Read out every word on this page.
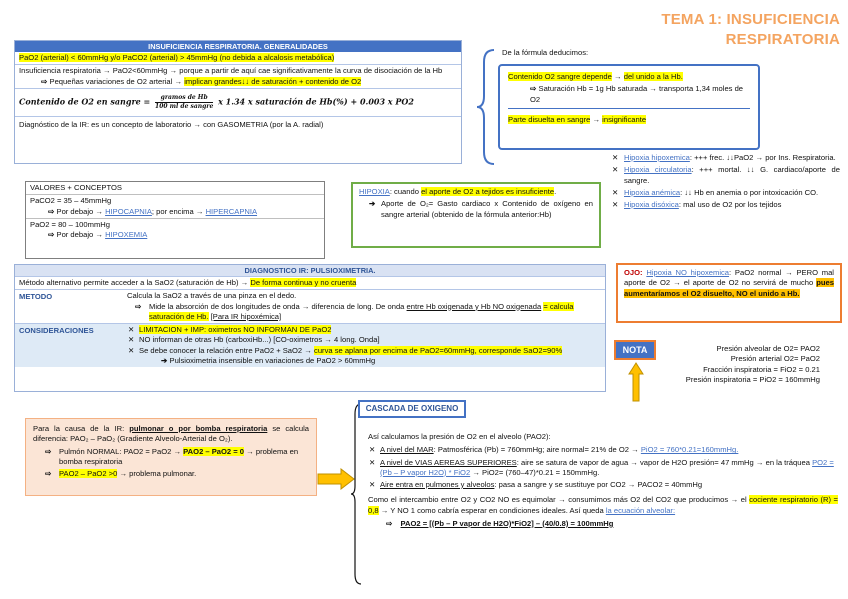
TEMA 1: INSUFICIENCIA RESPIRATORIA
INSUFICIENCIA RESPIRATORIA. GENERALIDADES
PaO2 (arterial) < 60mmHg y/o PaCO2 (arterial) > 45mmHg (no debida a alcalosis metabólica)
Insuficiencia respiratoria → PaO2<60mmHg → porque a partir de aquí cae significativamente la curva de disociación de la Hb
⇨ Pequeñas variaciones de O2 arterial → implican grandes↓↓ de saturación + contenido de O2
Contenido de O2 en sangre =	gramos de Hb
100 ml de sangre x 1.34 x saturación de Hb(%) + 0.003 x PO2
Diagnóstico de la IR: es un concepto de laboratorio → con GASOMETRIA (por la A. radial)
De la fórmula deducimos:
Contenido O2 sangre depende → del unido a la Hb.
⇨ Saturación Hb = 1g Hb saturada → transporta 1,34 moles de O2
Parte disuelta en sangre → insignificante
VALORES + CONCEPTOS
PaCO2 = 35 – 45mmHg
⇨ Por debajo → HIPOCAPNIA; por encima → HIPERCAPNIA
PaO2 = 80 – 100mmHg
⇨ Por debajo → HIPOXEMIA
HIPOXIA: cuando el aporte de O2 a tejidos es insuficiente.
➔ Aporte de O₂= Gasto cardiaco x Contenido de oxígeno en sangre arterial (obtenido de la fórmula anterior:Hb)
✕ Hipoxia hipoxemica: +++ frec. ↓↓PaO2 → por Ins. Respiratoria.
✕ Hipoxia circulatoria: +++ mortal. ↓↓ G. cardiaco/aporte de sangre.
✕ Hipoxia anémica: ↓↓ Hb en anemia o por intoxicación CO.
✕ Hipoxia disóxica: mal uso de O2 por los tejidos
OJO: Hipoxia NO hipoxemica: PaO2 normal → PERO mal aporte de O2 → el aporte de O2 no servirá de mucho pues aumentaríamos el O2 disuelto, NO el unido a Hb.
DIAGNOSTICO IR: PULSIOXIMETRIA.
Método alternativo permite acceder a la SaO2 (saturación de Hb) → De forma continua y no cruenta
METODO	Calcula la SaO2 a través de una pinza en el dedo.
⇨ Mide la absorción de dos longitudes de onda → diferencia de long. De onda entre Hb oxigenada y Hb NO oxigenada = calcula saturación de Hb. [Para IR hipoxémica]
CONSIDERACIONES	✕ LIMITACION + IMP: oximetros NO INFORMAN DE PaO2
✕ NO informan de otras Hb (carboxiHb...) [CO-oximetros → 4 long. Onda]
✕ Se debe conocer la relación entre PaO2 + SaO2 → curva se aplana por encima de PaO2=60mmHg, corresponde SaO2=90%
➔ Pulsioximetria insensible en variaciones de PaO2 > 60mmHg
NOTA	Presión alveolar de O2= PAO2
Presión arterial O2= PaO2
Fracción inspiratoria = FiO2 = 0.21
Presión inspiratoria = PiO2 = 160mmHg
Para la causa de la IR: pulmonar o por bomba respiratoria se calcula diferencia: PAO₂ – PaO₂ (Gradiente Alveolo-Arterial de O₂).
⇨ Pulmón NORMAL: PAO2 = PaO2 → PAO2 – PaO2 = 0 → problema en bomba respiratoria
⇨ PAO2 – PaO2 >0 → problema pulmonar.
CASCADA DE OXIGENO
Así calculamos la presión de O2 en el alveolo (PAO2):
✕ A nivel del MAR: Patmosférica (Pb) = 760mmHg; aire normal= 21% de O2 → PiO2 = 760*0.21=160mmHg.
✕ A nivel de VIAS AEREAS SUPERIORES: aire se satura de vapor de agua → vapor de H2O presión= 47 mmHg → en la tráquea PO2 = (Pb – P vapor H2O) * FiO2 → PiO2= (760–47)*0.21 = 150mmHg.
✕ Aire entra en pulmones y alveolos: pasa a sangre y se sustituye por CO2 → PACO2 = 40mmHg
Como el intercambio entre O2 y CO2 NO es equimolar → consumimos más O2 del CO2 que producimos → el cociente respiratorio (R) = 0,8 → Y NO 1 como cabría esperar en condiciones ideales. Así queda la ecuación alveolar:
⇨ PAO2 = [(Pb – P vapor de H2O)*FiO2] – (40/0.8) = 100mmHg
